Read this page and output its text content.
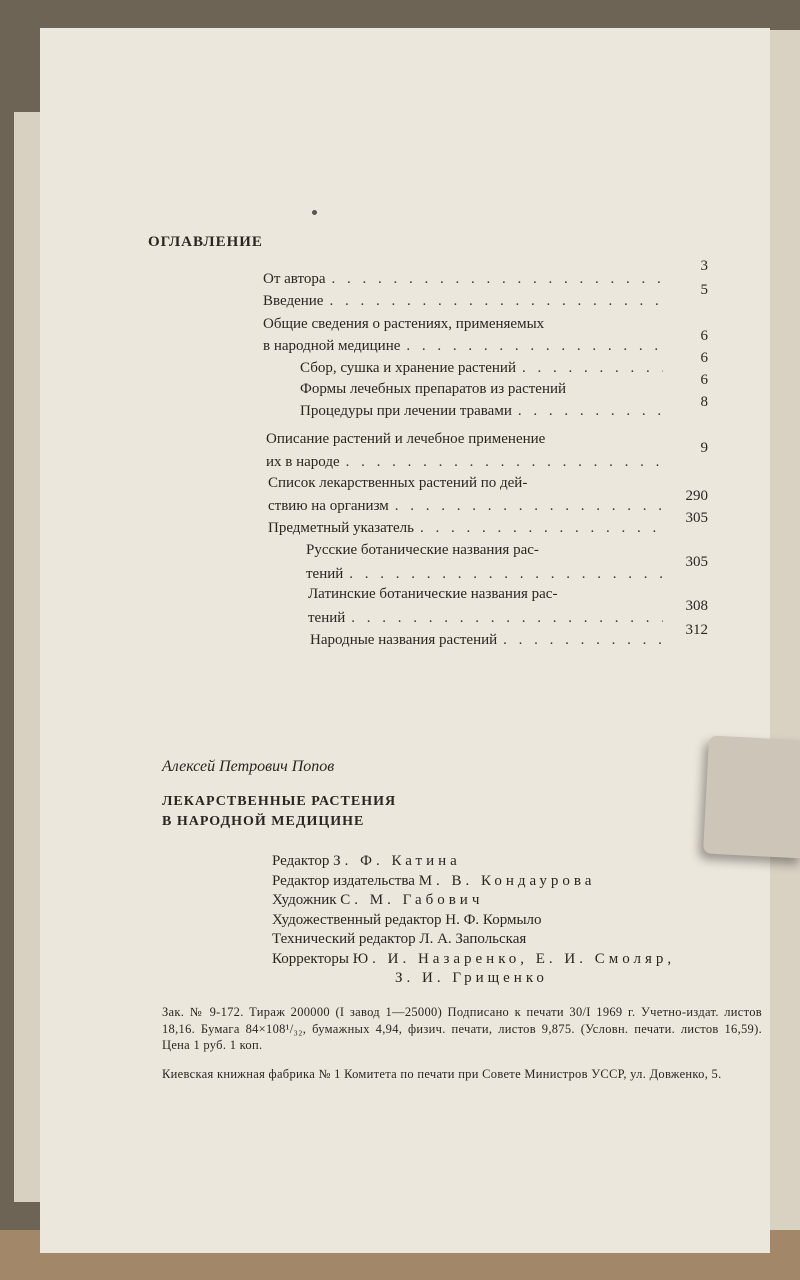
ОГЛАВЛЕНИЕ
От автора
. . .
3
Введение
. . .
5
Общие сведения о растениях, применяемых
в народной медицине
. . .
6
Сбор, сушка и хранение растений
. . .
6
Формы лечебных препаратов из растений
6
Процедуры при лечении травами
. . .
8
Описание растений и лечебное применение
их в народе
. . .
9
Список лекарственных растений по дей-
ствию на организм
. . .
290
Предметный указатель
. . .
305
Русские ботанические названия рас-
тений
. . .
305
Латинские ботанические названия рас-
тений
. . .
308
Народные названия растений
. . .
312
Алексей Петрович Попов
ЛЕКАРСТВЕННЫЕ РАСТЕНИЯ
В НАРОДНОЙ МЕДИЦИНЕ
Редактор З. Ф. Катина
Редактор издательства М. В. Кондаурова
Художник С. М. Габович
Художественный редактор Н. Ф. Кормыло
Технический редактор Л. А. Запольская
Корректоры Ю. И. Назаренко, Е. И. Смоляр,
З. И. Грищенко

Зак. № 9-172. Тираж 200000 (I завод 1—25000) Подписано к печати 30/I 1969 г. Учетно-издат. листов 18,16. Бумага 84×108¹/₃₂, бумажных 4,94, физич. печати, листов 9,875. (Условн. печати. листов 16,59). Цена 1 руб. 1 коп.

Киевская книжная фабрика № 1 Комитета по печати при Совете Министров УССР, ул. Довженко, 5.
